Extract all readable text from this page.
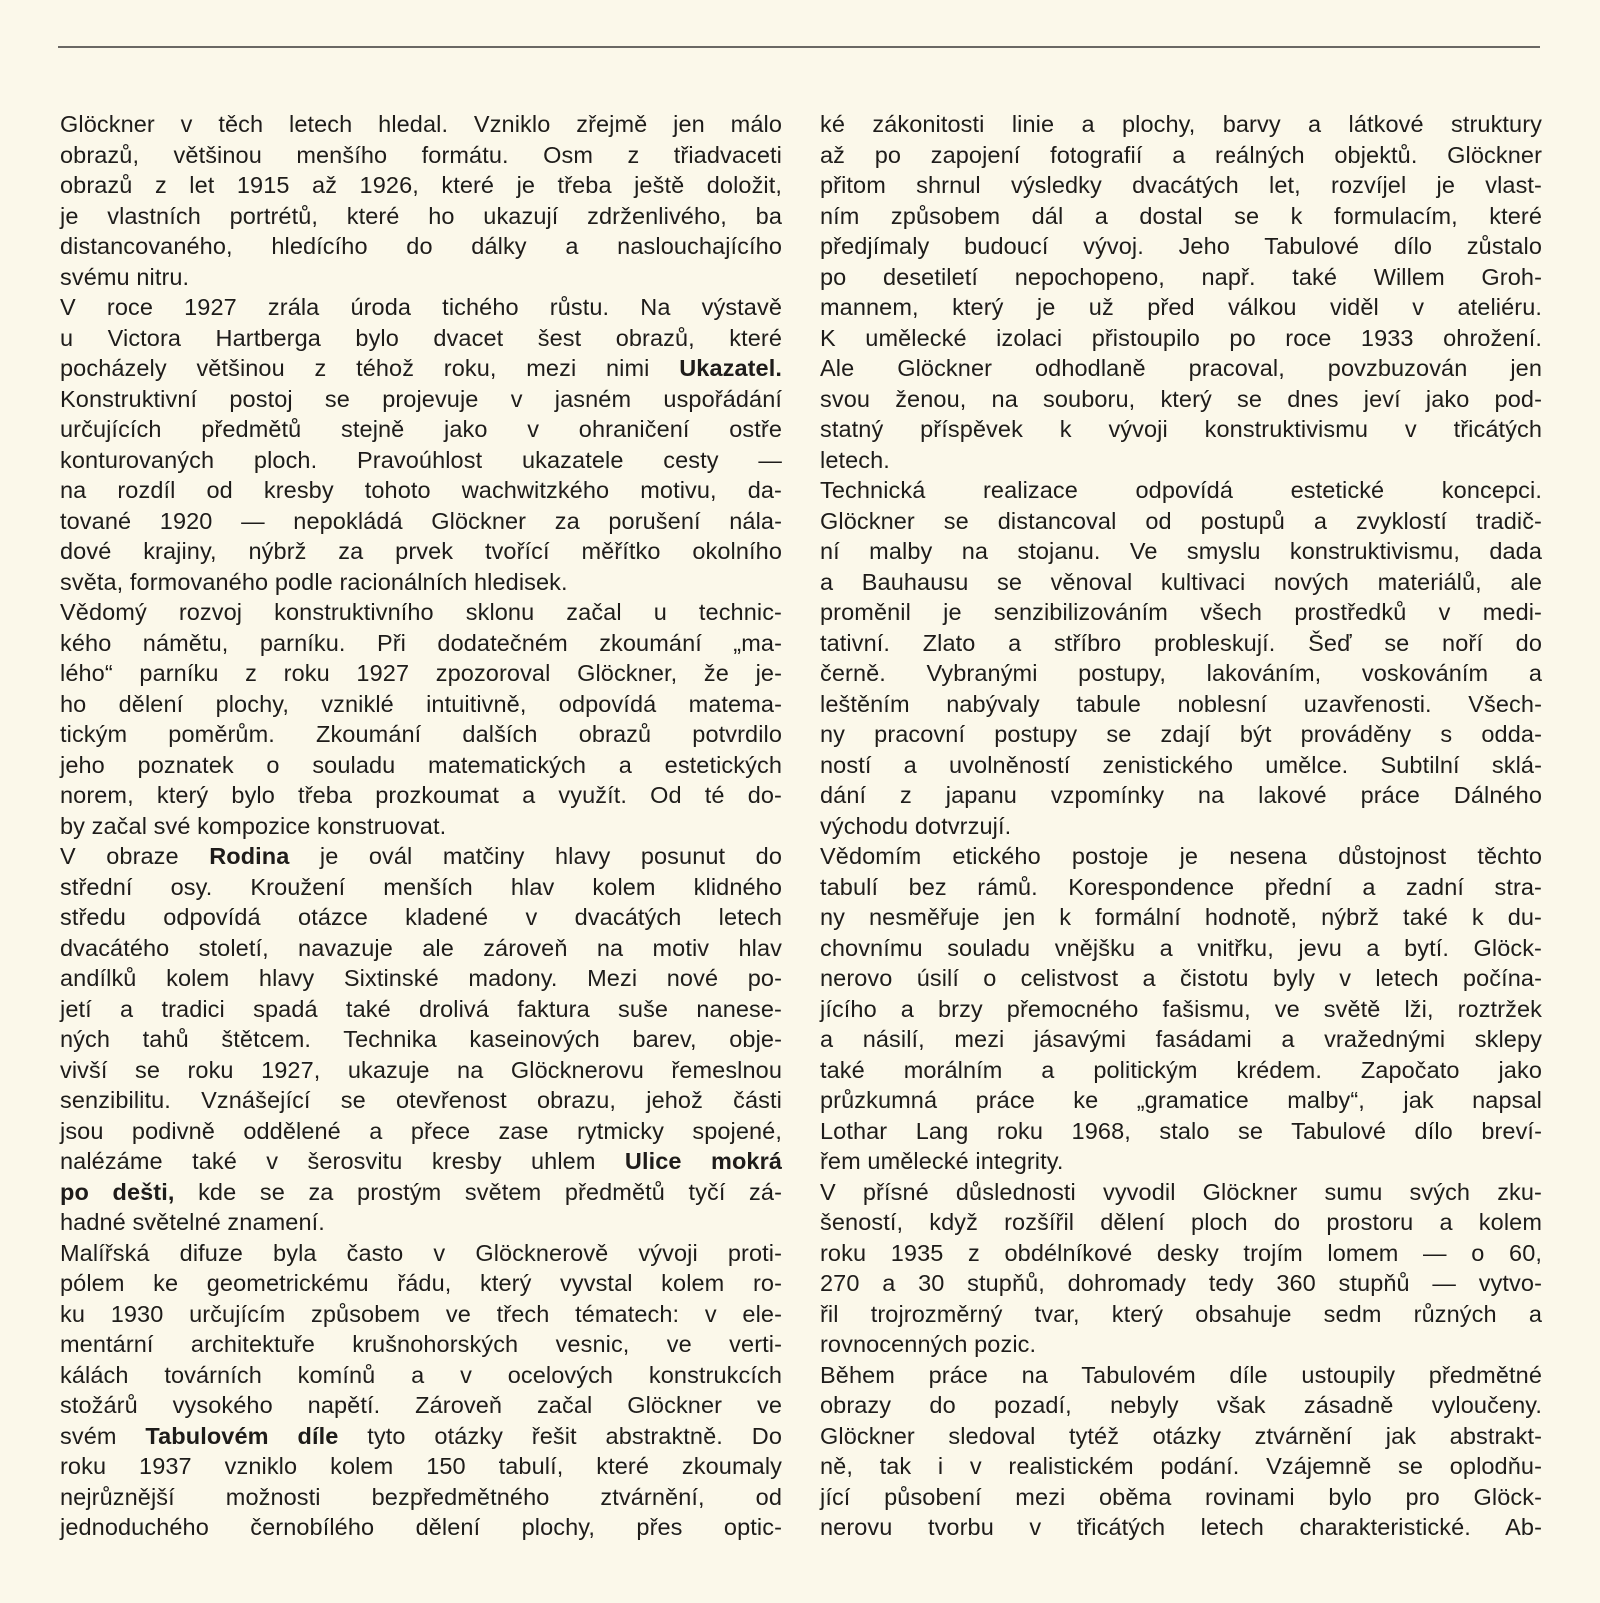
Glöckner v těch letech hledal. Vzniklo zřejmě jen málo
obrazů, většinou menšího formátu. Osm z třiadvaceti
obrazů z let 1915 až 1926, které je třeba ještě doložit,
je vlastních portrétů, které ho ukazují zdrženlivého, ba
distancovaného, hledícího do dálky a naslouchajícího
svému nitru.
V roce 1927 zrála úroda tichého růstu. Na výstavě
u Victora Hartberga bylo dvacet šest obrazů, které
pocházely většinou z téhož roku, mezi nimi Ukazatel.
Konstruktivní postoj se projevuje v jasném uspořádání
určujících předmětů stejně jako v ohraničení ostře
konturovaných ploch. Pravoúhlost ukazatele cesty —
na rozdíl od kresby tohoto wachwitzkého motivu, da-
tované 1920 — nepokládá Glöckner za porušení nála-
dové krajiny, nýbrž za prvek tvořící měřítko okolního
světa, formovaného podle racionálních hledisek.
Vědomý rozvoj konstruktivního sklonu začal u technic-
kého námětu, parníku. Při dodatečném zkoumání „ma-
lého“ parníku z roku 1927 zpozoroval Glöckner, že je-
ho dělení plochy, vzniklé intuitivně, odpovídá matema-
tickým poměrům. Zkoumání dalších obrazů potvrdilo
jeho poznatek o souladu matematických a estetických
norem, který bylo třeba prozkoumat a využít. Od té do-
by začal své kompozice konstruovat.
V obraze Rodina je ovál matčiny hlavy posunut do
střední osy. Kroužení menších hlav kolem klidného
středu odpovídá otázce kladené v dvacátých letech
dvacátého století, navazuje ale zároveň na motiv hlav
andílků kolem hlavy Sixtinské madony. Mezi nové po-
jetí a tradici spadá také drolivá faktura suše nanese-
ných tahů štětcem. Technika kaseinových barev, obje-
vivší se roku 1927, ukazuje na Glöcknerovu řemeslnou
senzibilitu. Vznášející se otevřenost obrazu, jehož části
jsou podivně oddělené a přece zase rytmicky spojené,
nalézáme také v šerosvitu kresby uhlem Ulice mokrá
po dešti, kde se za prostým světem předmětů tyčí zá-
hadné světelné znamení.
Malířská difuze byla často v Glöcknerově vývoji proti-
pólem ke geometrickému řádu, který vyvstal kolem ro-
ku 1930 určujícím způsobem ve třech tématech: v ele-
mentární architektuře krušnohorských vesnic, ve verti-
kálách továrních komínů a v ocelových konstrukcích
stožárů vysokého napětí. Zároveň začal Glöckner ve
svém Tabulovém díle tyto otázky řešit abstraktně. Do
roku 1937 vzniklo kolem 150 tabulí, které zkoumaly
nejrůznější možnosti bezpředmětného ztvárnění, od
jednoduchého černobílého dělení plochy, přes optic-
ké zákonitosti linie a plochy, barvy a látkové struktury
až po zapojení fotografií a reálných objektů. Glöckner
přitom shrnul výsledky dvacátých let, rozvíjel je vlast-
ním způsobem dál a dostal se k formulacím, které
předjímaly budoucí vývoj. Jeho Tabulové dílo zůstalo
po desetiletí nepochopeno, např. také Willem Groh-
mannem, který je už před válkou viděl v ateliéru.
K umělecké izolaci přistoupilo po roce 1933 ohrožení.
Ale Glöckner odhodlaně pracoval, povzbuzován jen
svou ženou, na souboru, který se dnes jeví jako pod-
statný příspěvek k vývoji konstruktivismu v třicátých
letech.
Technická realizace odpovídá estetické koncepci.
Glöckner se distancoval od postupů a zvyklostí tradič-
ní malby na stojanu. Ve smyslu konstruktivismu, dada
a Bauhausu se věnoval kultivaci nových materiálů, ale
proměnil je senzibilizováním všech prostředků v medi-
tativní. Zlato a stříbro probleskují. Šeď se noří do
černě. Vybranými postupy, lakováním, voskováním a
leštěním nabývaly tabule noblesní uzavřenosti. Všech-
ny pracovní postupy se zdají být prováděny s odda-
ností a uvolněností zenistického umělce. Subtilní sklá-
dání z japanu vzpomínky na lakové práce Dálného
východu dotvrzují.
Vědomím etického postoje je nesena důstojnost těchto
tabulí bez rámů. Korespondence přední a zadní stra-
ny nesměřuje jen k formální hodnotě, nýbrž také k du-
chovnímu souladu vnějšku a vnitřku, jevu a bytí. Glöck-
nerovo úsilí o celistvost a čistotu byly v letech počína-
jícího a brzy přemocného fašismu, ve světě lži, roztržek
a násilí, mezi jásavými fasádami a vražednými sklepy
také morálním a politickým krédem. Započato jako
průzkumná práce ke „gramatice malby“, jak napsal
Lothar Lang roku 1968, stalo se Tabulové dílo breví-
řem umělecké integrity.
V přísné důslednosti vyvodil Glöckner sumu svých zku-
šeností, když rozšířil dělení ploch do prostoru a kolem
roku 1935 z obdélníkové desky trojím lomem — o 60,
270 a 30 stupňů, dohromady tedy 360 stupňů — vytvo-
řil trojrozměrný tvar, který obsahuje sedm různých a
rovnocenných pozic.
Během práce na Tabulovém díle ustoupily předmětné
obrazy do pozadí, nebyly však zásadně vyloučeny.
Glöckner sledoval tytéž otázky ztvárnění jak abstrakt-
ně, tak i v realistickém podání. Vzájemně se oplodňu-
jící působení mezi oběma rovinami bylo pro Glöck-
nerovu tvorbu v třicátých letech charakteristické. Ab-
